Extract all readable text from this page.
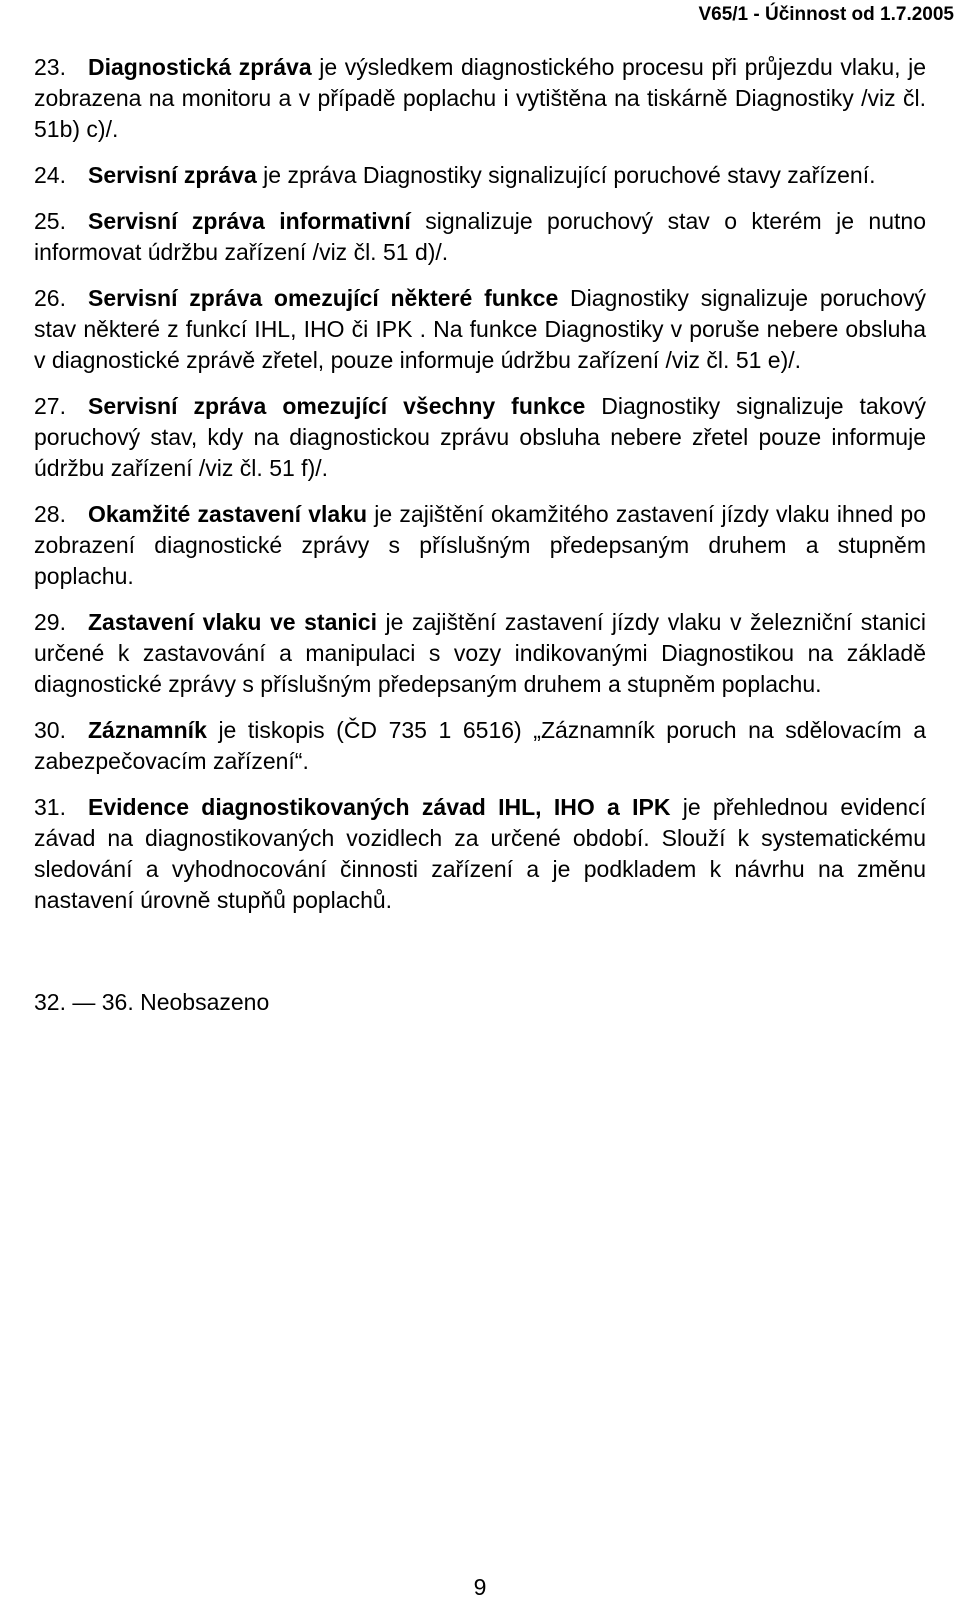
V65/1 - Účinnost od 1.7.2005

23. Diagnostická zpráva je výsledkem diagnostického procesu při průjezdu vlaku, je zobrazena na monitoru a v případě poplachu i vytištěna na tiskárně Diagnostiky /viz čl. 51b) c)/.

24. Servisní zpráva je zpráva Diagnostiky signalizující poruchové stavy zařízení.

25. Servisní zpráva informativní signalizuje poruchový stav o kterém je nutno informovat údržbu zařízení /viz čl. 51 d)/.

26. Servisní zpráva omezující některé funkce Diagnostiky signalizuje poruchový stav některé z funkcí IHL, IHO či IPK . Na funkce Diagnostiky v poruše nebere obsluha v diagnostické zprávě zřetel, pouze informuje údržbu zařízení /viz čl. 51 e)/.

27. Servisní zpráva omezující všechny funkce Diagnostiky signalizuje takový poruchový stav, kdy na diagnostickou zprávu obsluha nebere zřetel pouze informuje údržbu zařízení /viz čl. 51 f)/.

28. Okamžité zastavení vlaku je zajištění okamžitého zastavení jízdy vlaku ihned po zobrazení diagnostické zprávy s příslušným předepsaným druhem a stupněm poplachu.

29. Zastavení vlaku ve stanici je zajištění zastavení jízdy vlaku v železniční stanici určené k zastavování a manipulaci s vozy indikovanými Diagnostikou na základě diagnostické zprávy s příslušným předepsaným druhem a stupněm poplachu.

30. Záznamník je tiskopis (ČD 735 1 6516) „Záznamník poruch na sdělovacím a zabezpečovacím zařízení“.

31. Evidence diagnostikovaných závad IHL, IHO a IPK je přehlednou evidencí závad na diagnostikovaných vozidlech za určené období. Slouží k systematickému sledování a vyhodnocování činnosti zařízení a je podkladem k návrhu na změnu nastavení úrovně stupňů poplachů.

32. — 36. Neobsazeno

9
